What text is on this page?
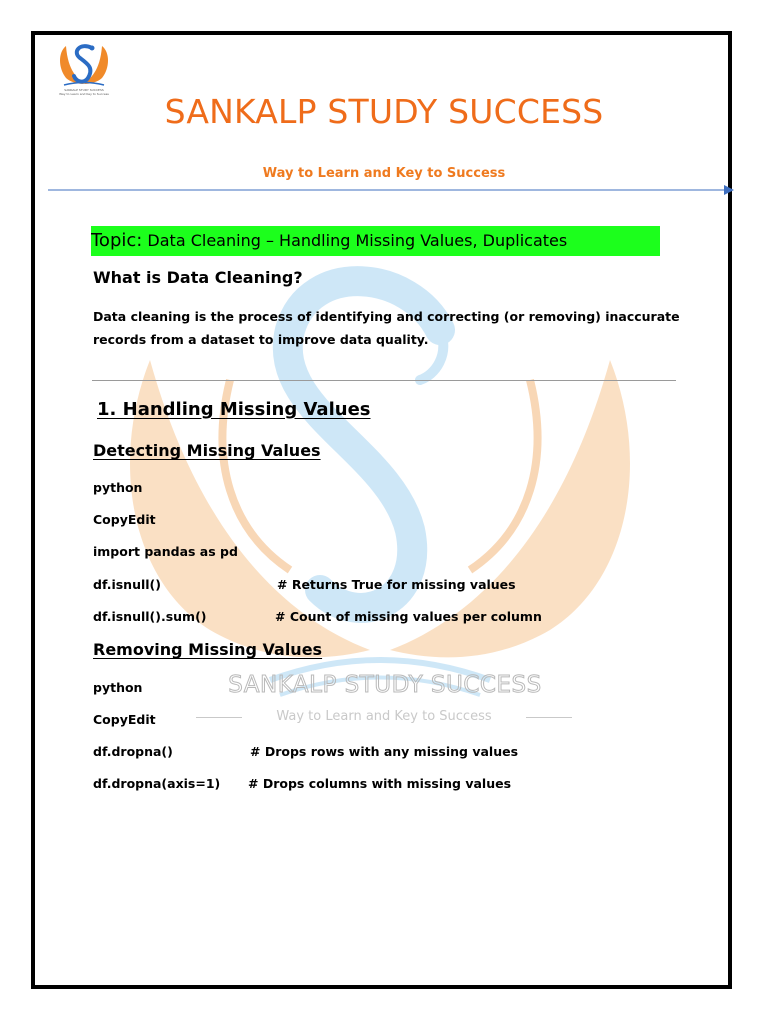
SANKALP STUDY SUCCESS
Way to Learn and Key to Success	SANKALP STUDY SUCCESS
Way to Learn and Key to Success
SANKALP STUDY SUCCESS
Way to Learn and Key to Success
Topic: Data Cleaning – Handling Missing Values, Duplicates
What is Data Cleaning?
Data cleaning is the process of identifying and correcting (or removing) inaccurate records from a dataset to improve data quality.
1. Handling Missing Values
Detecting Missing Values
python
CopyEdit
import pandas as pd
df.isnull()	# Returns True for missing values
df.isnull().sum()	# Count of missing values per column
Removing Missing Values
python
CopyEdit
df.dropna()	# Drops rows with any missing values
df.dropna(axis=1) # Drops columns with missing values
